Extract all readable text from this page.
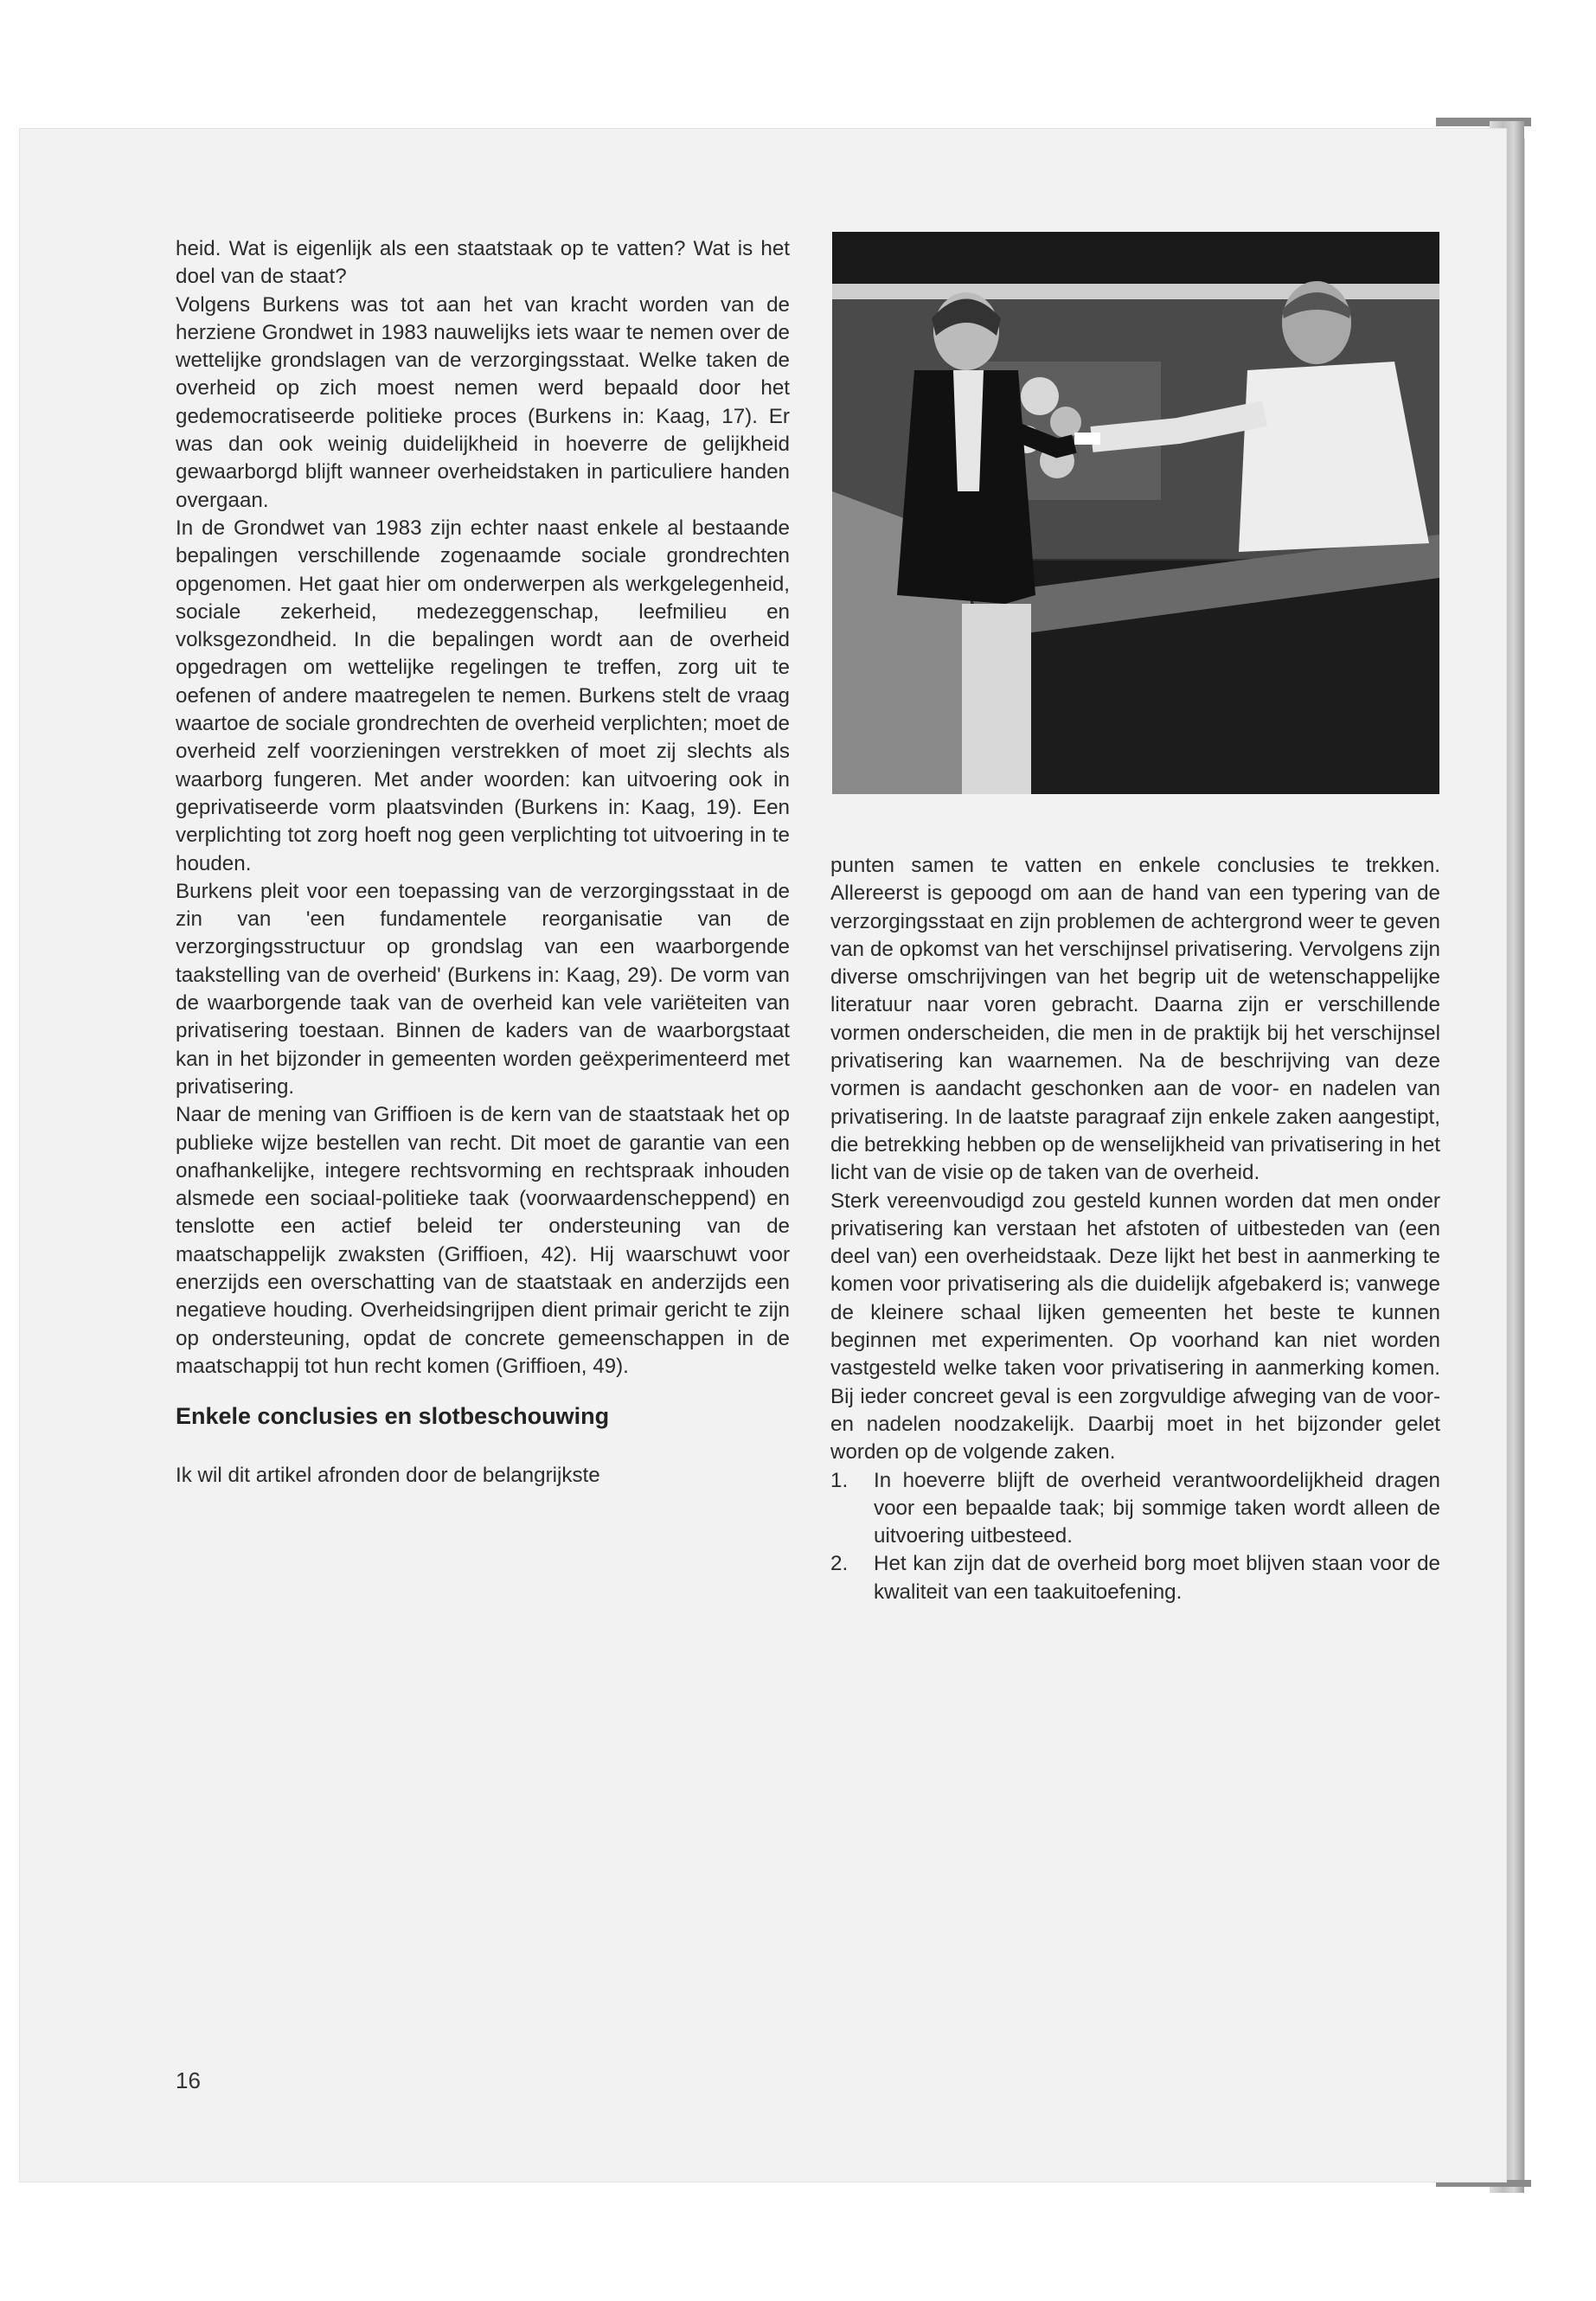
heid. Wat is eigenlijk als een staatstaak op te vatten? Wat is het doel van de staat?

Volgens Burkens was tot aan het van kracht worden van de herziene Grondwet in 1983 nauwelijks iets waar te nemen over de wettelijke grondslagen van de verzorgingsstaat. Welke taken de overheid op zich moest nemen werd bepaald door het gedemocratiseerde politieke proces (Burkens in: Kaag, 17). Er was dan ook weinig duidelijkheid in hoeverre de gelijkheid gewaarborgd blijft wanneer overheidstaken in particuliere handen overgaan.

In de Grondwet van 1983 zijn echter naast enkele al bestaande bepalingen verschillende zogenaamde sociale grondrechten opgenomen. Het gaat hier om onderwerpen als werkgelegenheid, sociale zekerheid, medezeggenschap, leefmilieu en volksgezondheid. In die bepalingen wordt aan de overheid opgedragen om wettelijke regelingen te treffen, zorg uit te oefenen of andere maatregelen te nemen. Burkens stelt de vraag waartoe de sociale grondrechten de overheid verplichten; moet de overheid zelf voorzieningen verstrekken of moet zij slechts als waarborg fungeren. Met ander woorden: kan uitvoering ook in geprivatiseerde vorm plaatsvinden (Burkens in: Kaag, 19). Een verplichting tot zorg hoeft nog geen verplichting tot uitvoering in te houden.

Burkens pleit voor een toepassing van de verzorgingsstaat in de zin van 'een fundamentele reorganisatie van de verzorgingsstructuur op grondslag van een waarborgende taakstelling van de overheid' (Burkens in: Kaag, 29). De vorm van de waarborgende taak van de overheid kan vele variëteiten van privatisering toestaan. Binnen de kaders van de waarborgstaat kan in het bijzonder in gemeenten worden geëxperimenteerd met privatisering.

Naar de mening van Griffioen is de kern van de staatstaak het op publieke wijze bestellen van recht. Dit moet de garantie van een onafhankelijke, integere rechtsvorming en rechtspraak inhouden alsmede een sociaal-politieke taak (voorwaardenscheppend) en tenslotte een actief beleid ter ondersteuning van de maatschappelijk zwaksten (Griffioen, 42). Hij waarschuwt voor enerzijds een overschatting van de staatstaak en anderzijds een negatieve houding. Overheidsingrijpen dient primair gericht te zijn op ondersteuning, opdat de concrete gemeenschappen in de maatschappij tot hun recht komen (Griffioen, 49).

Enkele conclusies en slotbeschouwing

Ik wil dit artikel afronden door de belangrijkste

punten samen te vatten en enkele conclusies te trekken. Allereerst is gepoogd om aan de hand van een typering van de verzorgingsstaat en zijn problemen de achtergrond weer te geven van de opkomst van het verschijnsel privatisering. Vervolgens zijn diverse omschrijvingen van het begrip uit de wetenschappelijke literatuur naar voren gebracht. Daarna zijn er verschillende vormen onderscheiden, die men in de praktijk bij het verschijnsel privatisering kan waarnemen. Na de beschrijving van deze vormen is aandacht geschonken aan de voor- en nadelen van privatisering. In de laatste paragraaf zijn enkele zaken aangestipt, die betrekking hebben op de wenselijkheid van privatisering in het licht van de visie op de taken van de overheid.

Sterk vereenvoudigd zou gesteld kunnen worden dat men onder privatisering kan verstaan het afstoten of uitbesteden van (een deel van) een overheidstaak. Deze lijkt het best in aanmerking te komen voor privatisering als die duidelijk afgebakerd is; vanwege de kleinere schaal lijken gemeenten het beste te kunnen beginnen met experimenten. Op voorhand kan niet worden vastgesteld welke taken voor privatisering in aanmerking komen. Bij ieder concreet geval is een zorgvuldige afweging van de voor- en nadelen noodzakelijk. Daarbij moet in het bijzonder gelet worden op de volgende zaken.

1. In hoeverre blijft de overheid verantwoordelijkheid dragen voor een bepaalde taak; bij sommige taken wordt alleen de uitvoering uitbesteed.
2. Het kan zijn dat de overheid borg moet blijven staan voor de kwaliteit van een taakuitoefening.
16
